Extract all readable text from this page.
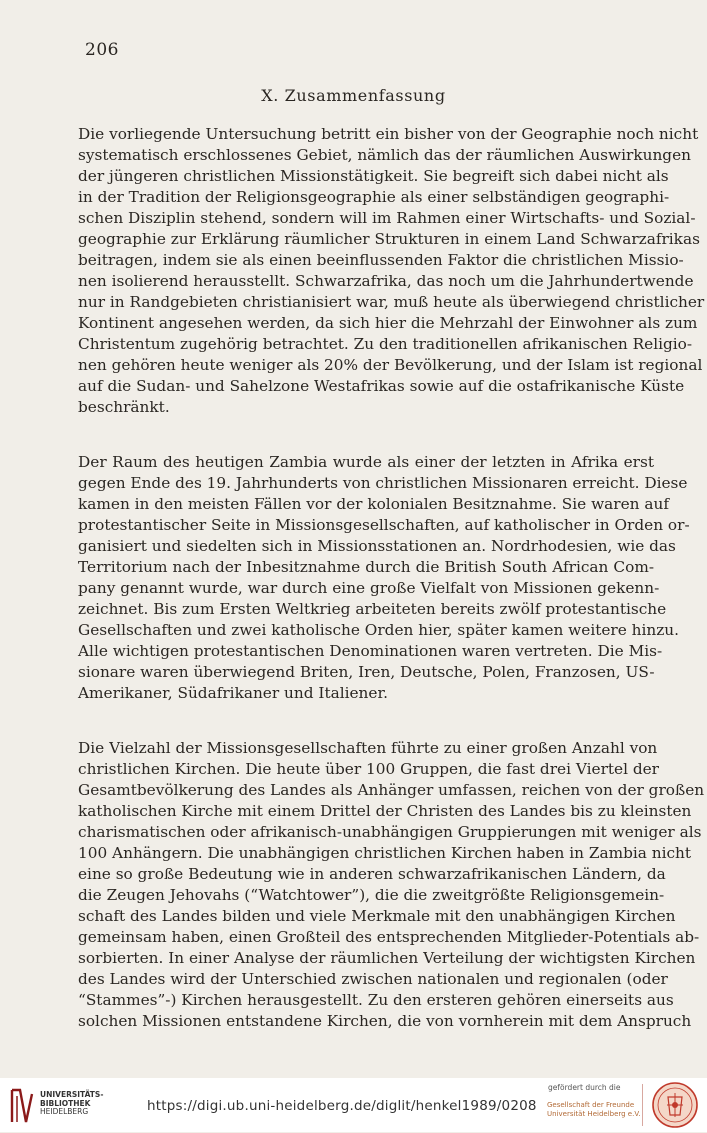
206
X. Zusammenfassung
Die vorliegende Untersuchung betritt ein bisher von der Geographie noch nicht
systematisch erschlossenes Gebiet, nämlich das der räumlichen Auswirkungen
der jüngeren christlichen Missionstätigkeit. Sie begreift sich dabei nicht als
in der Tradition der Religionsgeographie als einer selbständigen geographi-
schen Disziplin stehend, sondern will im Rahmen einer Wirtschafts- und Sozial-
geographie zur Erklärung räumlicher Strukturen in einem Land Schwarzafrikas
beitragen, indem sie als einen beeinflussenden Faktor die christlichen Missio-
nen isolierend herausstellt. Schwarzafrika, das noch um die Jahrhundertwende
nur in Randgebieten christianisiert war, muß heute als überwiegend christlicher
Kontinent angesehen werden, da sich hier die Mehrzahl der Einwohner als zum
Christentum zugehörig betrachtet. Zu den traditionellen afrikanischen Religio-
nen gehören heute weniger als 20% der Bevölkerung, und der Islam ist regional
auf die Sudan- und Sahelzone Westafrikas sowie auf die ostafrikanische Küste
beschränkt.
Der Raum des heutigen Zambia wurde als einer der letzten in Afrika erst
gegen Ende des 19. Jahrhunderts von christlichen Missionaren erreicht. Diese
kamen in den meisten Fällen vor der kolonialen Besitznahme. Sie waren auf
protestantischer Seite in Missionsgesellschaften, auf katholischer in Orden or-
ganisiert und siedelten sich in Missionsstationen an. Nordrhodesien, wie das
Territorium nach der Inbesitznahme durch die British South African Com-
pany genannt wurde, war durch eine große Vielfalt von Missionen gekenn-
zeichnet. Bis zum Ersten Weltkrieg arbeiteten bereits zwölf protestantische
Gesellschaften und zwei katholische Orden hier, später kamen weitere hinzu.
Alle wichtigen protestantischen Denominationen waren vertreten. Die Mis-
sionare waren überwiegend Briten, Iren, Deutsche, Polen, Franzosen, US-
Amerikaner, Südafrikaner und Italiener.
Die Vielzahl der Missionsgesellschaften führte zu einer großen Anzahl von
christlichen Kirchen. Die heute über 100 Gruppen, die fast drei Viertel der
Gesamtbevölkerung des Landes als Anhänger umfassen, reichen von der großen
katholischen Kirche mit einem Drittel der Christen des Landes bis zu kleinsten
charismatischen oder afrikanisch-unabhängigen Gruppierungen mit weniger als
100 Anhängern. Die unabhängigen christlichen Kirchen haben in Zambia nicht
eine so große Bedeutung wie in anderen schwarzafrikanischen Ländern, da
die Zeugen Jehovahs (“Watchtower”), die die zweitgrößte Religionsgemein-
schaft des Landes bilden und viele Merkmale mit den unabhängigen Kirchen
gemeinsam haben, einen Großteil des entsprechenden Mitglieder-Potentials ab-
sorbierten. In einer Analyse der räumlichen Verteilung der wichtigsten Kirchen
des Landes wird der Unterschied zwischen nationalen und regionalen (oder
“Stammes”-) Kirchen herausgestellt. Zu den ersteren gehören einerseits aus
solchen Missionen entstandene Kirchen, die von vornherein mit dem Anspruch
UNIVERSITÄTS-
BIBLIOTHEK
HEIDELBERG	https://digi.ub.uni-heidelberg.de/diglit/henkel1989/0208
gefördert durch die
Gesellschaft der Freunde
Universität Heidelberg e.V.
